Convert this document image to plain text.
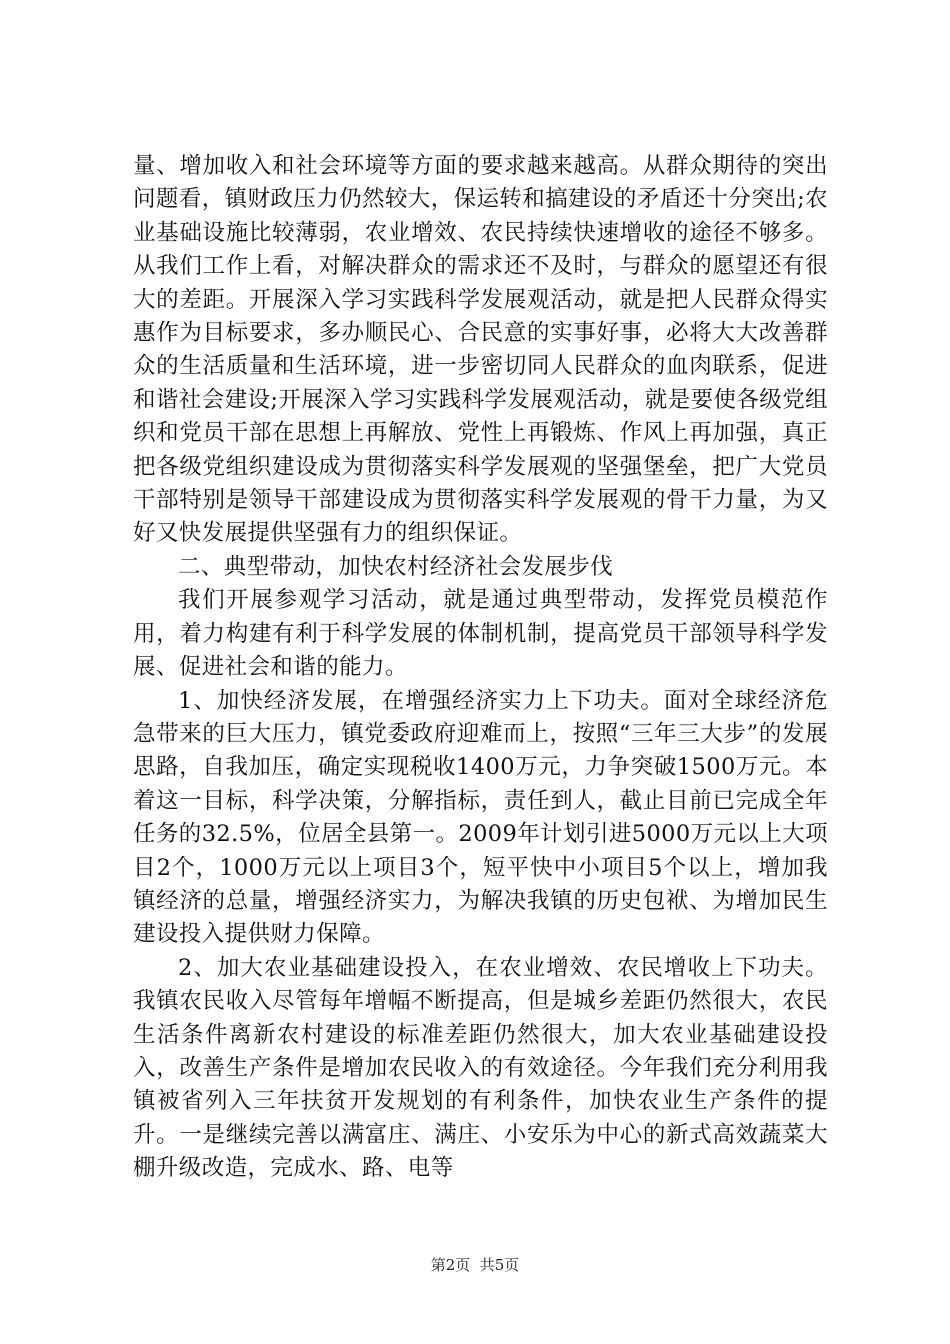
量、增加收入和社会环境等方面的要求越来越高。从群众期待的突出问题看，镇财政压力仍然较大，保运转和搞建设的矛盾还十分突出;农业基础设施比较薄弱，农业增效、农民持续快速增收的途径不够多。从我们工作上看，对解决群众的需求还不及时，与群众的愿望还有很大的差距。开展深入学习实践科学发展观活动，就是把人民群众得实惠作为目标要求，多办顺民心、合民意的实事好事，必将大大改善群众的生活质量和生活环境，进一步密切同人民群众的血肉联系，促进和谐社会建设;开展深入学习实践科学发展观活动，就是要使各级党组织和党员干部在思想上再解放、党性上再锻炼、作风上再加强，真正把各级党组织建设成为贯彻落实科学发展观的坚强堡垒，把广大党员干部特别是领导干部建设成为贯彻落实科学发展观的骨干力量，为又好又快发展提供坚强有力的组织保证。

二、典型带动，加快农村经济社会发展步伐

我们开展参观学习活动，就是通过典型带动，发挥党员模范作用，着力构建有利于科学发展的体制机制，提高党员干部领导科学发展、促进社会和谐的能力。

1、加快经济发展，在增强经济实力上下功夫。面对全球经济危急带来的巨大压力，镇党委政府迎难而上，按照“三年三大步”的发展思路，自我加压，确定实现税收1400万元，力争突破1500万元。本着这一目标，科学决策，分解指标，责任到人，截止目前已完成全年任务的32.5%，位居全县第一。2009年计划引进5000万元以上大项目2个，1000万元以上项目3个，短平快中小项目5个以上，增加我镇经济的总量，增强经济实力，为解决我镇的历史包袱、为增加民生建设投入提供财力保障。

2、加大农业基础建设投入，在农业增效、农民增收上下功夫。我镇农民收入尽管每年增幅不断提高，但是城乡差距仍然很大，农民生活条件离新农村建设的标准差距仍然很大，加大农业基础建设投入，改善生产条件是增加农民收入的有效途径。今年我们充分利用我镇被省列入三年扶贫开发规划的有利条件，加快农业生产条件的提升。一是继续完善以满富庄、满庄、小安乐为中心的新式高效蔬菜大棚升级改造，完成水、路、电等

第2页  共5页
